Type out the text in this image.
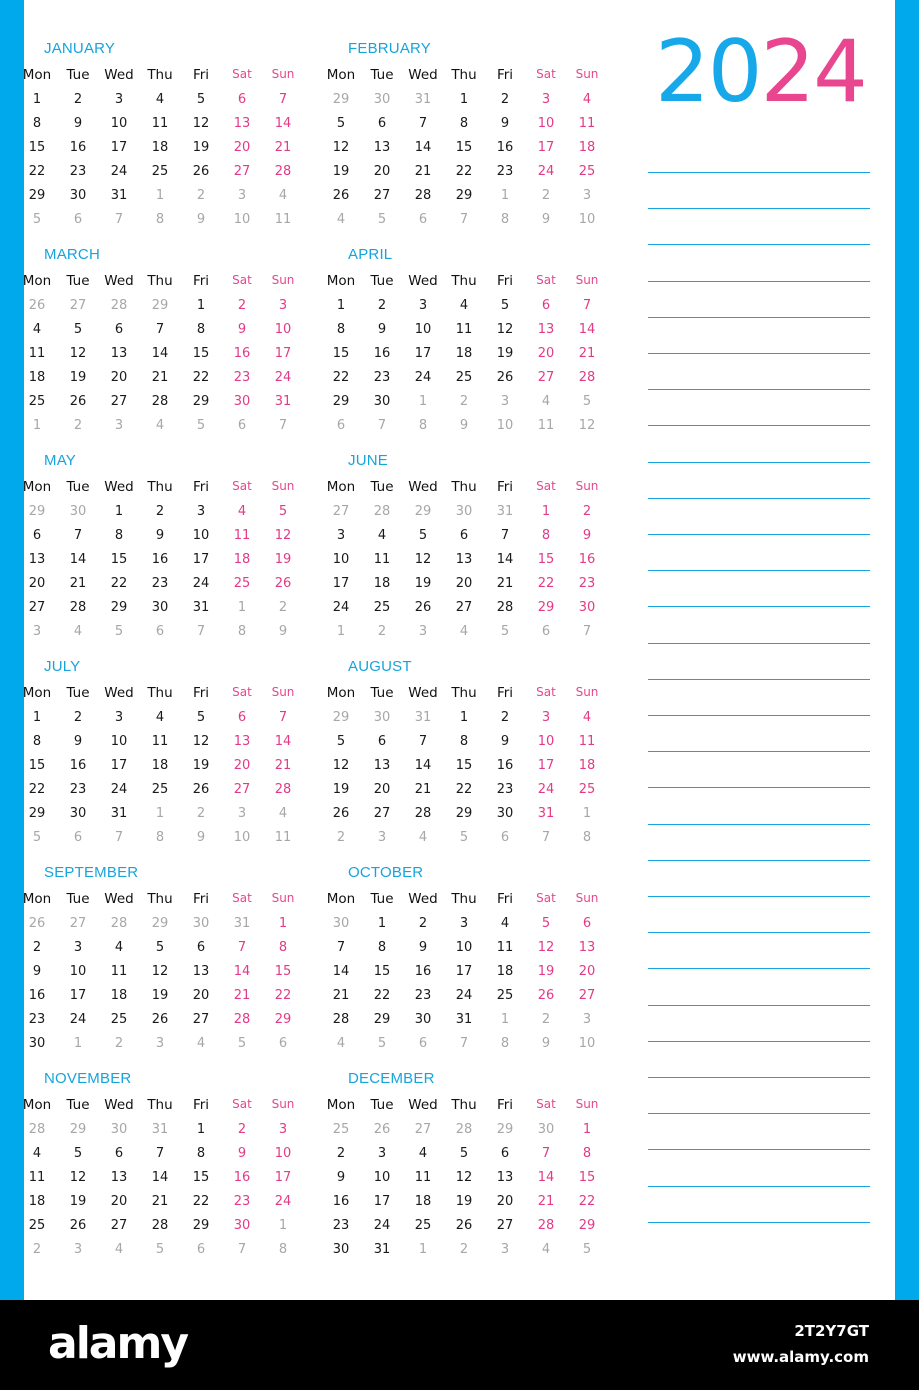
JANUARY
Mon	Tue	Wed	Thu	Fri	Sat	Sun
1	2	3	4	5	6	7
8	9	10	11	12	13	14
15	16	17	18	19	20	21
22	23	24	25	26	27	28
29	30	31	1	2	3	4
5	6	7	8	9	10	11
FEBRUARY
Mon	Tue	Wed	Thu	Fri	Sat	Sun
29	30	31	1	2	3	4
5	6	7	8	9	10	11
12	13	14	15	16	17	18
19	20	21	22	23	24	25
26	27	28	29	1	2	3
4	5	6	7	8	9	10
MARCH
Mon	Tue	Wed	Thu	Fri	Sat	Sun
26	27	28	29	1	2	3
4	5	6	7	8	9	10
11	12	13	14	15	16	17
18	19	20	21	22	23	24
25	26	27	28	29	30	31
1	2	3	4	5	6	7
APRIL
Mon	Tue	Wed	Thu	Fri	Sat	Sun
1	2	3	4	5	6	7
8	9	10	11	12	13	14
15	16	17	18	19	20	21
22	23	24	25	26	27	28
29	30	1	2	3	4	5
6	7	8	9	10	11	12
MAY
Mon	Tue	Wed	Thu	Fri	Sat	Sun
29	30	1	2	3	4	5
6	7	8	9	10	11	12
13	14	15	16	17	18	19
20	21	22	23	24	25	26
27	28	29	30	31	1	2
3	4	5	6	7	8	9
JUNE
Mon	Tue	Wed	Thu	Fri	Sat	Sun
27	28	29	30	31	1	2
3	4	5	6	7	8	9
10	11	12	13	14	15	16
17	18	19	20	21	22	23
24	25	26	27	28	29	30
1	2	3	4	5	6	7
JULY
Mon	Tue	Wed	Thu	Fri	Sat	Sun
1	2	3	4	5	6	7
8	9	10	11	12	13	14
15	16	17	18	19	20	21
22	23	24	25	26	27	28
29	30	31	1	2	3	4
5	6	7	8	9	10	11
AUGUST
Mon	Tue	Wed	Thu	Fri	Sat	Sun
29	30	31	1	2	3	4
5	6	7	8	9	10	11
12	13	14	15	16	17	18
19	20	21	22	23	24	25
26	27	28	29	30	31	1
2	3	4	5	6	7	8
SEPTEMBER
Mon	Tue	Wed	Thu	Fri	Sat	Sun
26	27	28	29	30	31	1
2	3	4	5	6	7	8
9	10	11	12	13	14	15
16	17	18	19	20	21	22
23	24	25	26	27	28	29
30	1	2	3	4	5	6
OCTOBER
Mon	Tue	Wed	Thu	Fri	Sat	Sun
30	1	2	3	4	5	6
7	8	9	10	11	12	13
14	15	16	17	18	19	20
21	22	23	24	25	26	27
28	29	30	31	1	2	3
4	5	6	7	8	9	10
NOVEMBER
Mon	Tue	Wed	Thu	Fri	Sat	Sun
28	29	30	31	1	2	3
4	5	6	7	8	9	10
11	12	13	14	15	16	17
18	19	20	21	22	23	24
25	26	27	28	29	30	1
2	3	4	5	6	7	8
DECEMBER
Mon	Tue	Wed	Thu	Fri	Sat	Sun
25	26	27	28	29	30	1
2	3	4	5	6	7	8
9	10	11	12	13	14	15
16	17	18	19	20	21	22
23	24	25	26	27	28	29
30	31	1	2	3	4	5
2024
alamy	2T2Y7GT
www.alamy.com
